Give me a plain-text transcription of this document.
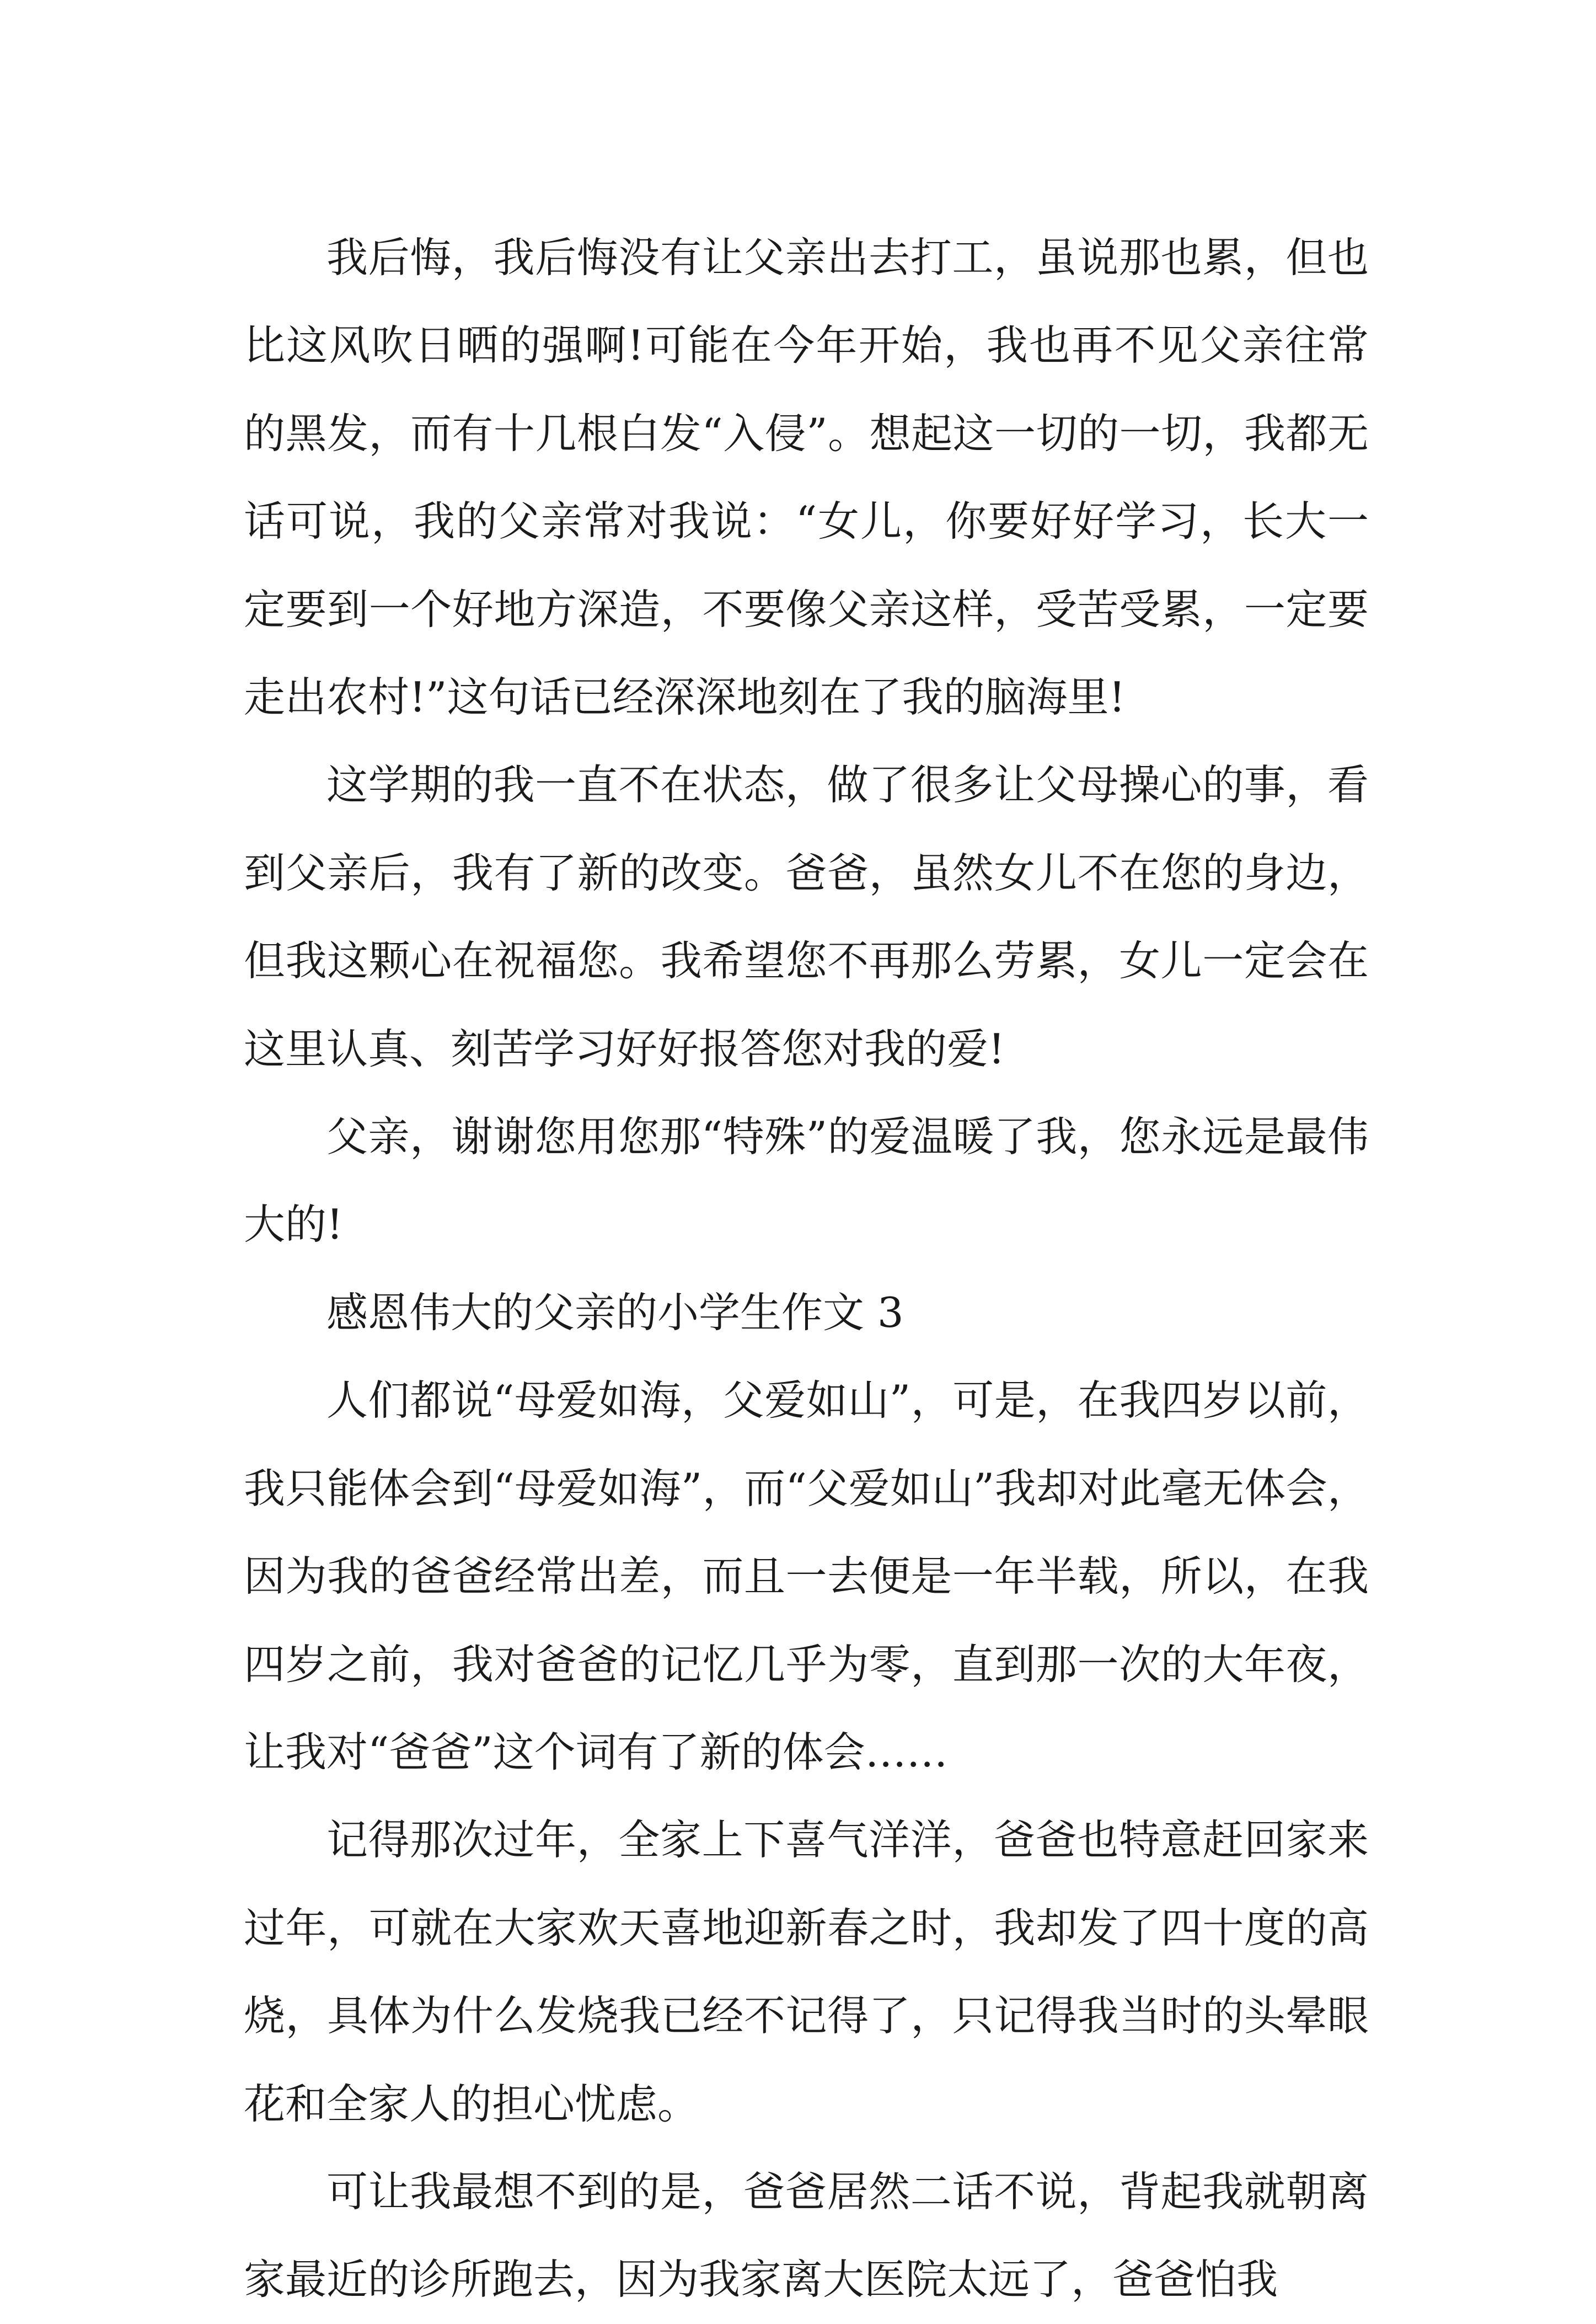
我后悔，我后悔没有让父亲出去打工，虽说那也累，但也比这风吹日晒的强啊!可能在今年开始，我也再不见父亲往常的黑发，而有十几根白发“入侵”。想起这一切的一切，我都无话可说，我的父亲常对我说：“女儿，你要好好学习，长大一定要到一个好地方深造，不要像父亲这样，受苦受累，一定要走出农村!”这句话已经深深地刻在了我的脑海里!

这学期的我一直不在状态，做了很多让父母操心的事，看到父亲后，我有了新的改变。爸爸，虽然女儿不在您的身边，但我这颗心在祝福您。我希望您不再那么劳累，女儿一定会在这里认真、刻苦学习好好报答您对我的爱!

父亲，谢谢您用您那“特殊”的爱温暖了我，您永远是最伟大的!

感恩伟大的父亲的小学生作文 3

人们都说“母爱如海，父爱如山”，可是，在我四岁以前，我只能体会到“母爱如海”，而“父爱如山”我却对此毫无体会，因为我的爸爸经常出差，而且一去便是一年半载，所以，在我四岁之前，我对爸爸的记忆几乎为零，直到那一次的大年夜，让我对“爸爸”这个词有了新的体会……

记得那次过年，全家上下喜气洋洋，爸爸也特意赶回家来过年，可就在大家欢天喜地迎新春之时，我却发了四十度的高烧，具体为什么发烧我已经不记得了，只记得我当时的头晕眼花和全家人的担心忧虑。

可让我最想不到的是，爸爸居然二话不说，背起我就朝离家最近的诊所跑去，因为我家离大医院太远了，爸爸怕我
